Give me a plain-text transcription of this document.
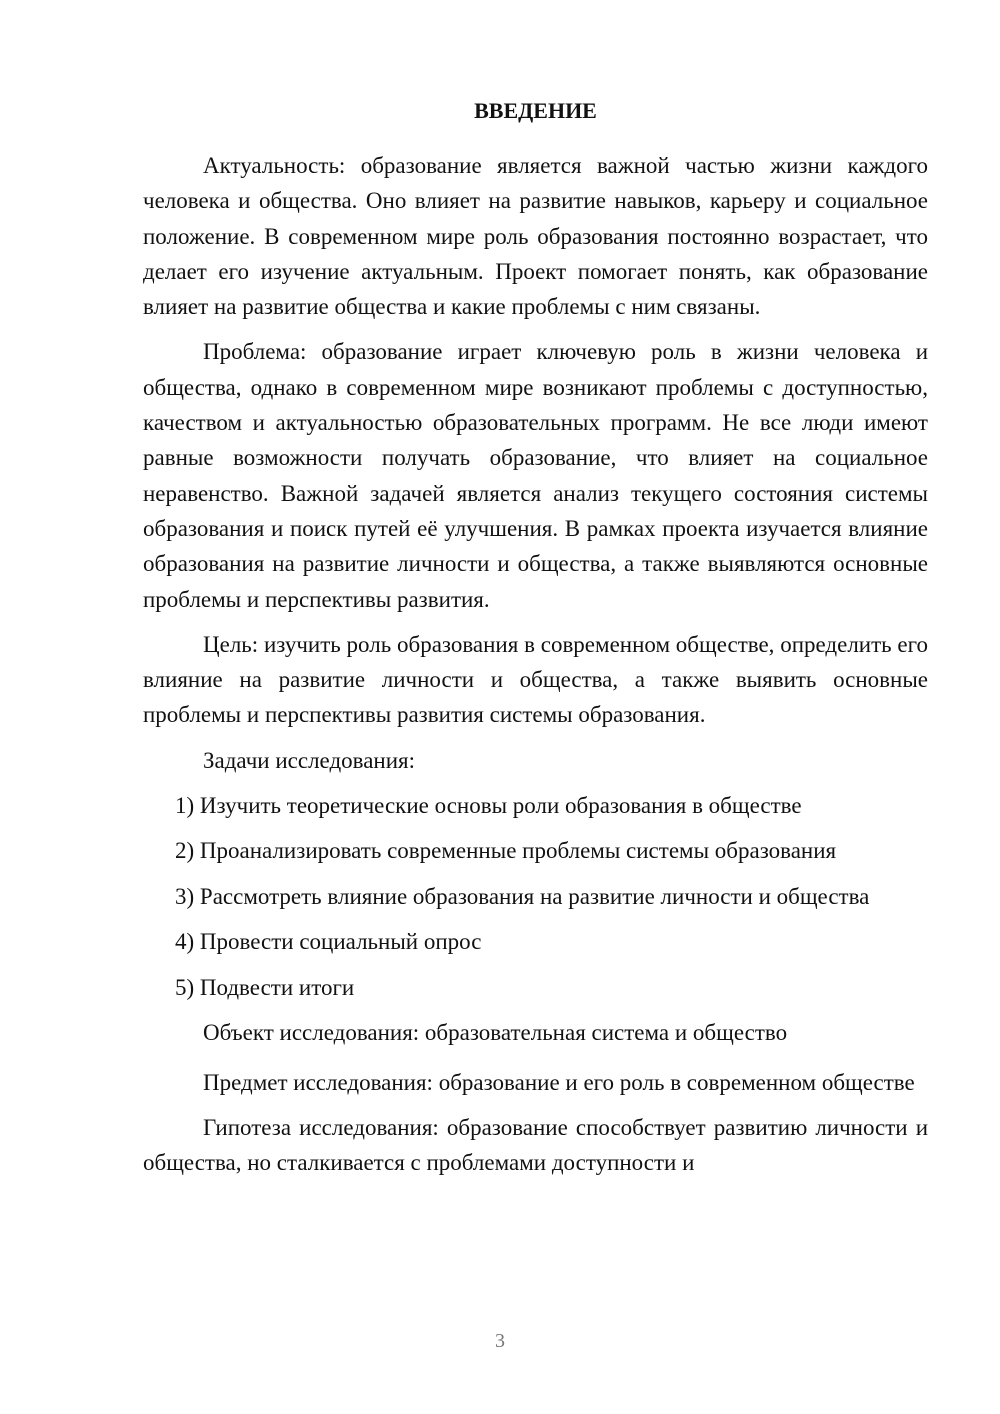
ВВЕДЕНИЕ

Актуальность: образование является важной частью жизни каждого человека и общества. Оно влияет на развитие навыков, карьеру и социальное положение. В современном мире роль образования постоянно возрастает, что делает его изучение актуальным. Проект помогает понять, как образование влияет на развитие общества и какие проблемы с ним связаны.

Проблема: образование играет ключевую роль в жизни человека и общества, однако в современном мире возникают проблемы с доступностью, качеством и актуальностью образовательных программ. Не все люди имеют равные возможности получать образование, что влияет на социальное неравенство. Важной задачей является анализ текущего состояния системы образования и поиск путей её улучшения. В рамках проекта изучается влияние образования на развитие личности и общества, а также выявляются основные проблемы и перспективы развития.

Цель: изучить роль образования в современном обществе, определить его влияние на развитие личности и общества, а также выявить основные проблемы и перспективы развития системы образования.

Задачи исследования:
1) Изучить теоретические основы роли образования в обществе
2) Проанализировать современные проблемы системы образования
3) Рассмотреть влияние образования на развитие личности и общества
4) Провести социальный опрос
5) Подвести итоги

Объект исследования: образовательная система и общество

Предмет исследования: образование и его роль в современном обществе

Гипотеза исследования: образование способствует развитию личности и общества, но сталкивается с проблемами доступности и

3
